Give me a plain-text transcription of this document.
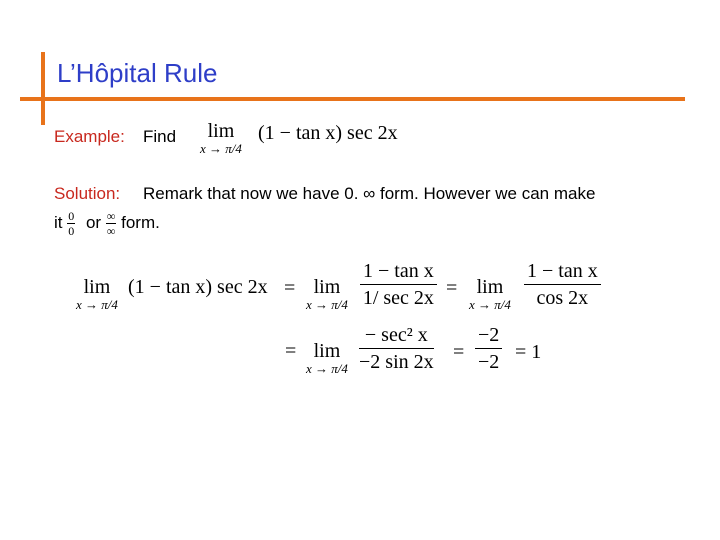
L’Hôpital Rule
Example: Find	lim
x → π/4
(1 − tan x) sec 2x
Solution: Remark that now we have 0. ∞ form. However we can make
it $\frac{0}{0}$ or $\frac{\infty}{\infty}$ form.
lim
x → π/4
(1 − tan x) sec 2x = lim
x → π/4
1 − tan x
1/ sec 2x = lim
$x \to \pi/4 \frac{\text{1 − tan x}}{\cos 2x}$
= lim
x → π/4
− sec² x
−2 $\sin 2x = \frac{-2}{-2} = 1$
